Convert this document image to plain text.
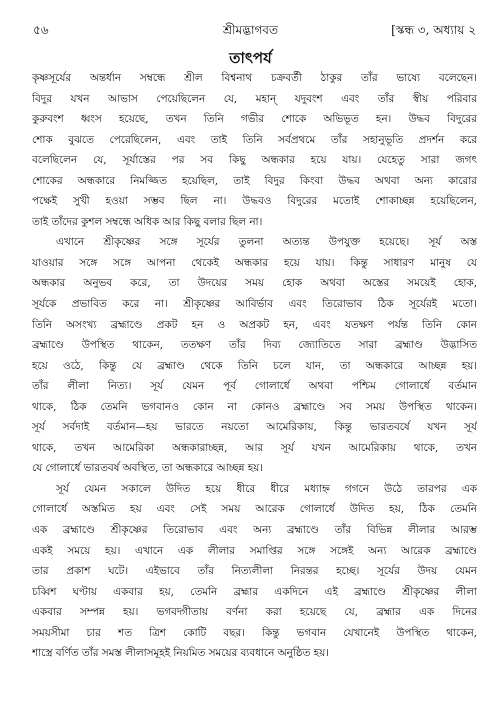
৫৬	শ্রীমদ্ভাগবত	[স্কন্ধ ৩, অধ্যায় ২
তাৎপর্য
কৃষ্ণসূর্যের অন্তর্ধান সম্বন্ধে শ্রীল বিশ্বনাথ চক্রবর্তী ঠাকুর তাঁর ভাষ্যে বলেছেন।
বিদুর যখন আভাস পেয়েছিলেন যে, মহান্‌ যদুবংশ এবং তাঁর স্বীয় পরিবার
কুরুবংশ ধ্বংস হয়েছে, তখন তিনি গভীর শোকে অভিভূত হন। উদ্ধব বিদুরের
শোক বুঝতে পেরেছিলেন, এবং তাই তিনি সর্বপ্রথমে তাঁর সহানুভূতি প্রদর্শন করে
বলেছিলেন যে, সূর্যাস্তের পর সব কিছু অন্ধকার হয়ে যায়। যেহেতু সারা জগৎ
শোকের অন্ধকারে নিমজ্জিত হয়েছিল, তাই বিদুর কিংবা উদ্ধব অথবা অন্য কারোর
পক্ষেই সুখী হওয়া সম্ভব ছিল না। উদ্ধবও বিদুরের মতোই শোকাচ্ছন্ন হয়েছিলেন,
তাই তাঁদের কুশল সম্বন্ধে অধিক আর কিছু বলার ছিল না।
এখানে শ্রীকৃষ্ণের সঙ্গে সূর্যের তুলনা অত্যন্ত উপযুক্ত হয়েছে। সূর্য অস্ত
যাওয়ার সঙ্গে সঙ্গে আপনা থেকেই অন্ধকার হয়ে যায়। কিন্তু সাধারণ মানুষ যে
অন্ধকার অনুভব করে, তা উদয়ের সময় হোক অথবা অস্তের সময়েই হোক,
সূর্যকে প্রভাবিত করে না। শ্রীকৃষ্ণের আবির্ভাব এবং তিরোভাব ঠিক সূর্যেরই মতো।
তিনি অসংখ্য ব্রহ্মাণ্ডে প্রকট হন ও অপ্রকট হন, এবং যতক্ষণ পর্যন্ত তিনি কোন
ব্রহ্মাণ্ডে উপস্থিত থাকেন, ততক্ষণ তাঁর দিব্য জ্যোতিতে সারা ব্রহ্মাণ্ড উদ্ভাসিত
হয়ে ওঠে, কিন্তু যে ব্রহ্মাণ্ড থেকে তিনি চলে যান, তা অন্ধকারে আচ্ছন্ন হয়।
তাঁর লীলা নিত্য। সূর্য যেমন পূর্ব গোলার্ধে অথবা পশ্চিম গোলার্ধে বর্তমান
থাকে, ঠিক তেমনি ভগবানও কোন না কোনও ব্রহ্মাণ্ডে সব সময় উপস্থিত থাকেন।
সূর্য সর্বদাই বর্তমান—হয় ভারতে নয়তো আমেরিকায়, কিন্তু ভারতবর্ষে যখন সূর্য
থাকে, তখন আমেরিকা অন্ধকারাচ্ছন্ন, আর সূর্য যখন আমেরিকায় থাকে, তখন
যে গোলার্ধে ভারতবর্ষ অবস্থিত, তা অন্ধকারে আচ্ছন্ন হয়।
সূর্য যেমন সকালে উদিত হয়ে ধীরে ধীরে মধ্যাহ্ন গগনে উঠে তারপর এক
গোলার্ধে অস্তমিত হয় এবং সেই সময় আরেক গোলার্ধে উদিত হয়, ঠিক তেমনি
এক ব্রহ্মাণ্ডে শ্রীকৃষ্ণের তিরোভাব এবং অন্য ব্রহ্মাণ্ডে তাঁর বিভিন্ন লীলার আরম্ভ
একই সময়ে হয়। এখানে এক লীলার সমাপ্তির সঙ্গে সঙ্গেই অন্য আরেক ব্রহ্মাণ্ডে
তার প্রকাশ ঘটে। এইভাবে তাঁর নিত্যলীলা নিরন্তর হচ্ছে। সূর্যের উদয় যেমন
চব্বিশ ঘণ্টায় একবার হয়, তেমনি ব্রহ্মার একদিনে এই ব্রহ্মাণ্ডে শ্রীকৃষ্ণের লীলা
একবার সম্পন্ন হয়। ভগবদ্গীতায় বর্ণনা করা হয়েছে যে, ব্রহ্মার এক দিনের
সময়সীমা চার শত ত্রিশ কোটি বছর। কিন্তু ভগবান যেখানেই উপস্থিত থাকেন,
শাস্ত্রে বর্ণিত তাঁর সমস্ত লীলাসমূহই নিয়মিত সময়ের ব্যবধানে অনুষ্ঠিত হয়।
